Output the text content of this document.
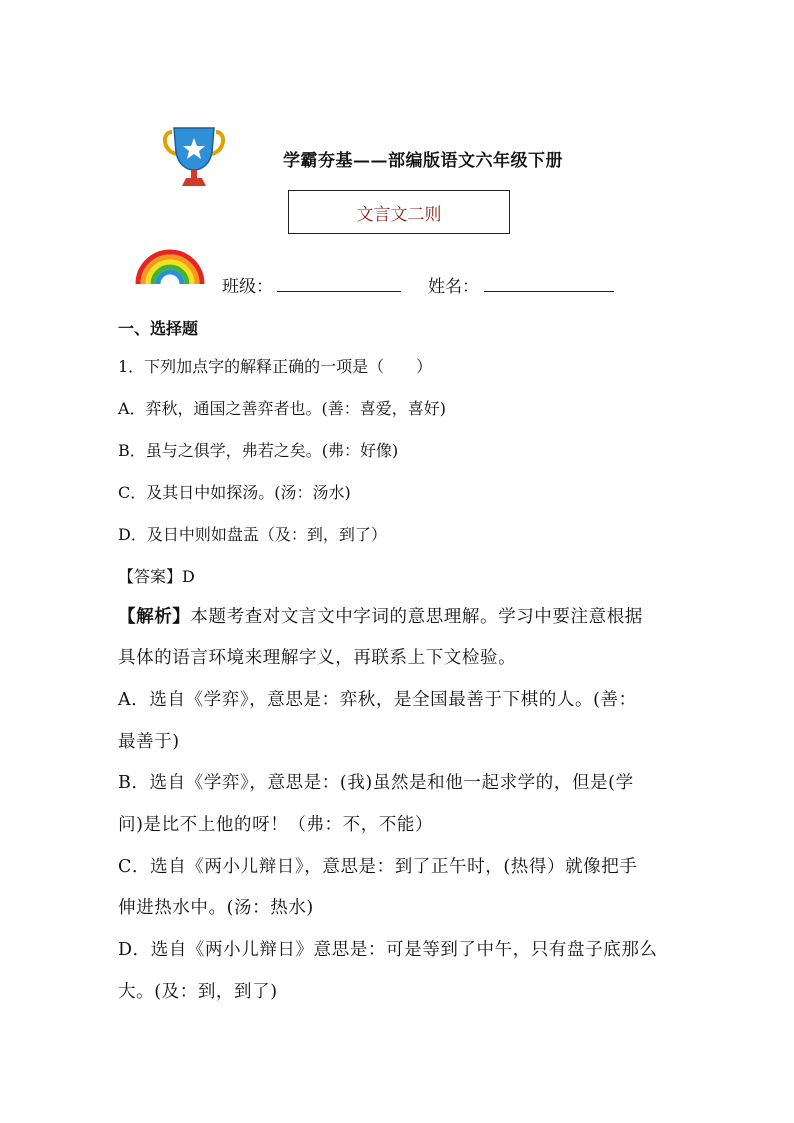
学霸夯基——部编版语文六年级下册
文言文二则
班级：	姓名：
一、选择题
1．下列加点字的解释正确的一项是（　　）
A．弈秋，通国之善弈者也。(善：喜爱，喜好)
B．虽与之俱学，弗若之矣。(弗：好像)
C．及其日中如探汤。(汤：汤水)
D．及日中则如盘盂（及：到，到了）
【答案】D
【解析】本题考查对文言文中字词的意思理解。学习中要注意根据
具体的语言环境来理解字义，再联系上下文检验。
A．选自《学弈》，意思是：弈秋，是全国最善于下棋的人。(善：
最善于)
B．选自《学弈》，意思是：(我)虽然是和他一起求学的，但是(学
问)是比不上他的呀！（弗：不，不能）
C．选自《两小儿辩日》，意思是：到了正午时，(热得）就像把手
伸进热水中。(汤：热水)
D．选自《两小儿辩日》意思是：可是等到了中午，只有盘子底那么
大。(及：到，到了)
